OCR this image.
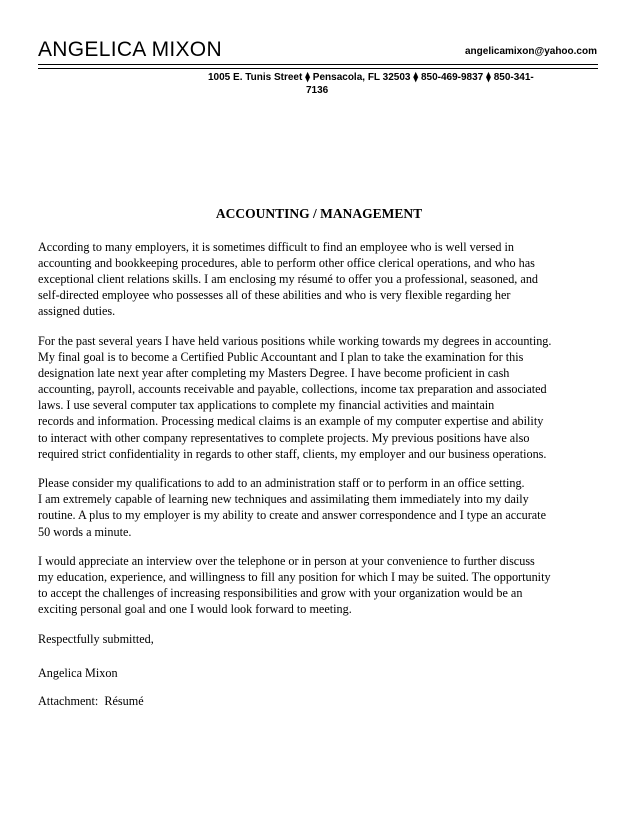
ANGELICA MIXON	angelicamixon@yahoo.com
1005 E. Tunis Street ⧫ Pensacola, FL 32503 ⧫ 850-469-9837 ⧫ 850-341-
7136
ACCOUNTING / MANAGEMENT

According to many employers, it is sometimes difficult to find an employee who is well versed in
accounting and bookkeeping procedures, able to perform other office clerical operations, and who has
exceptional client relations skills. I am enclosing my résumé to offer you a professional, seasoned, and
self-directed employee who possesses all of these abilities and who is very flexible regarding her
assigned duties.

For the past several years I have held various positions while working towards my degrees in accounting.
My final goal is to become a Certified Public Accountant and I plan to take the examination for this
designation late next year after completing my Masters Degree. I have become proficient in cash
accounting, payroll, accounts receivable and payable, collections, income tax preparation and associated
laws. I use several computer tax applications to complete my financial activities and maintain
records and information. Processing medical claims is an example of my computer expertise and ability
to interact with other company representatives to complete projects. My previous positions have also
required strict confidentiality in regards to other staff, clients, my employer and our business operations.

Please consider my qualifications to add to an administration staff or to perform in an office setting.
I am extremely capable of learning new techniques and assimilating them immediately into my daily
routine. A plus to my employer is my ability to create and answer correspondence and I type an accurate
50 words a minute.

I would appreciate an interview over the telephone or in person at your convenience to further discuss
my education, experience, and willingness to fill any position for which I may be suited. The opportunity
to accept the challenges of increasing responsibilities and grow with your organization would be an
exciting personal goal and one I would look forward to meeting.

Respectfully submitted,

Angelica Mixon
Attachment:  Résumé
